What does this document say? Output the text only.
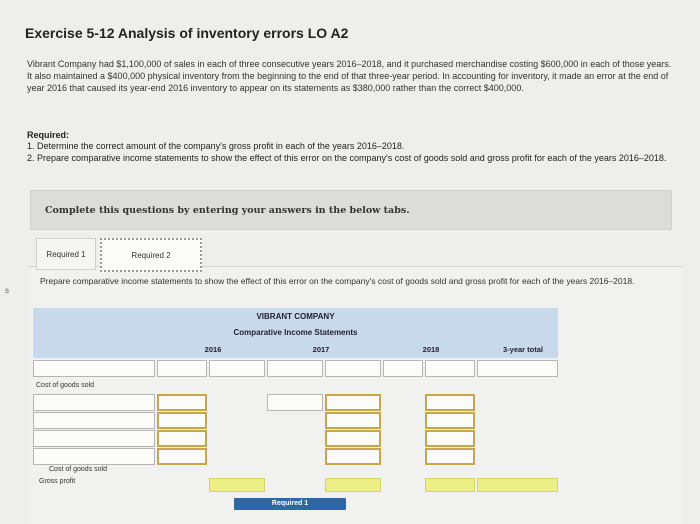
Exercise 5-12 Analysis of inventory errors LO A2
Vibrant Company had $1,100,000 of sales in each of three consecutive years 2016–2018, and it purchased merchandise costing $600,000 in each of those years. It also maintained a $400,000 physical inventory from the beginning to the end of that three-year period. In accounting for inventory, it made an error at the end of year 2016 that caused its year-end 2016 inventory to appear on its statements as $380,000 rather than the correct $400,000.
Required:
1. Determine the correct amount of the company's gross profit in each of the years 2016–2018.
2. Prepare comparative income statements to show the effect of this error on the company's cost of goods sold and gross profit for each of the years 2016–2018.
Complete this questions by entering your answers in the below tabs.
Required 1	Required 2
Prepare comparative income statements to show the effect of this error on the company's cost of goods sold and gross profit for each of the years 2016–2018.
VIBRANT COMPANY
Comparative Income Statements
2016	2017	2018	3-year total
Cost of goods sold
Cost of goods sold
Gross profit
Required 1
s
